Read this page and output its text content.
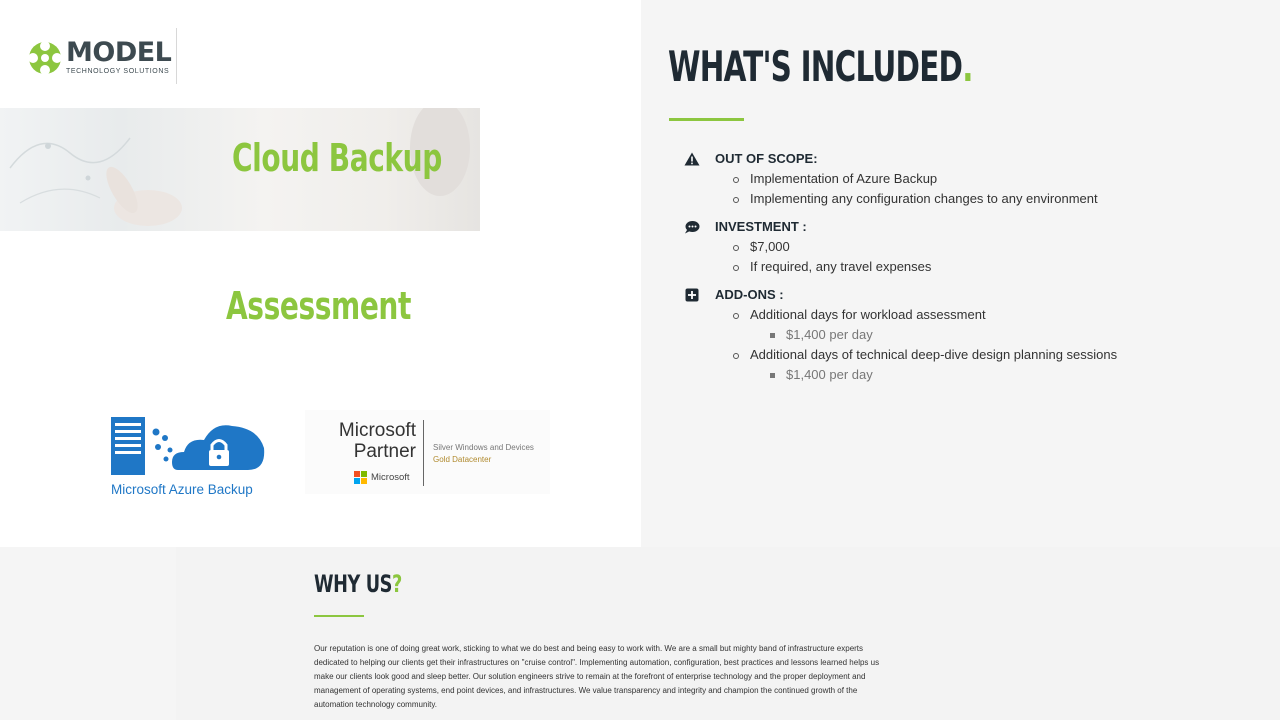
MODEL
TECHNOLOGY SOLUTIONS
Cloud Backup
Assessment
Microsoft Azure Backup
Microsoft
Partner
Microsoft
Silver Windows and Devices
Gold Datacenter
WHAT'S INCLUDED.
OUT OF SCOPE:
Implementation of Azure Backup
Implementing any configuration changes to any environment
INVESTMENT :
$7,000
If required, any travel expenses
ADD-ONS :
Additional days for workload assessment
$1,400 per day
Additional days of technical deep-dive design planning sessions
$1,400 per day
WHY US?
Our reputation is one of doing great work, sticking to what we do best and being easy to work with. We are a small but mighty band of infrastructure experts dedicated to helping our clients get their infrastructures on "cruise control". Implementing automation, configuration, best practices and lessons learned helps us make our clients look good and sleep better. Our solution engineers strive to remain at the forefront of enterprise technology and the proper deployment and management of operating systems, end point devices, and infrastructures. We value transparency and integrity and champion the continued growth of the automation technology community.
